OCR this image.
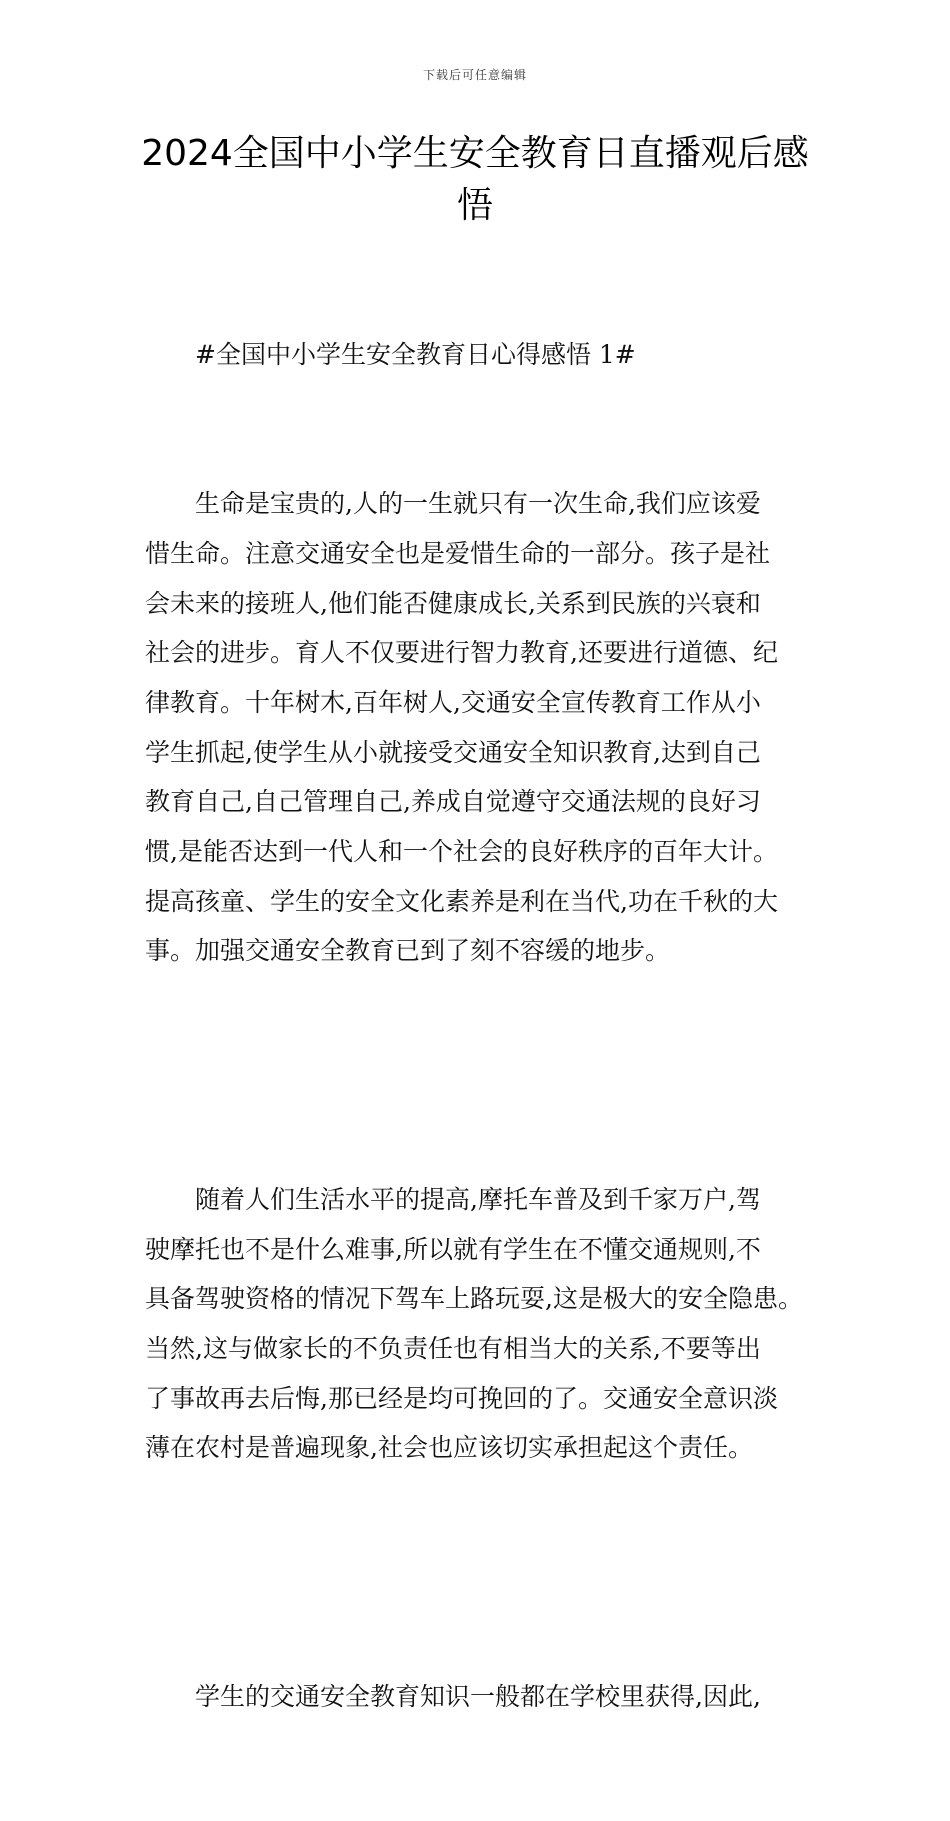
下载后可任意编辑
2024全国中小学生安全教育日直播观后感
悟
#全国中小学生安全教育日心得感悟 1#

生命是宝贵的,人的一生就只有一次生命,我们应该爱
惜生命。注意交通安全也是爱惜生命的一部分。孩子是社
会未来的接班人,他们能否健康成长,关系到民族的兴衰和
社会的进步。育人不仅要进行智力教育,还要进行道德、纪
律教育。十年树木,百年树人,交通安全宣传教育工作从小
学生抓起,使学生从小就接受交通安全知识教育,达到自己
教育自己,自己管理自己,养成自觉遵守交通法规的良好习
惯,是能否达到一代人和一个社会的良好秩序的百年大计。
提高孩童、学生的安全文化素养是利在当代,功在千秋的大
事。加强交通安全教育已到了刻不容缓的地步。

随着人们生活水平的提高,摩托车普及到千家万户,驾
驶摩托也不是什么难事,所以就有学生在不懂交通规则,不
具备驾驶资格的情况下驾车上路玩耍,这是极大的安全隐患。
当然,这与做家长的不负责任也有相当大的关系,不要等出
了事故再去后悔,那已经是均可挽回的了。交通安全意识淡
薄在农村是普遍现象,社会也应该切实承担起这个责任。

学生的交通安全教育知识一般都在学校里获得,因此,
